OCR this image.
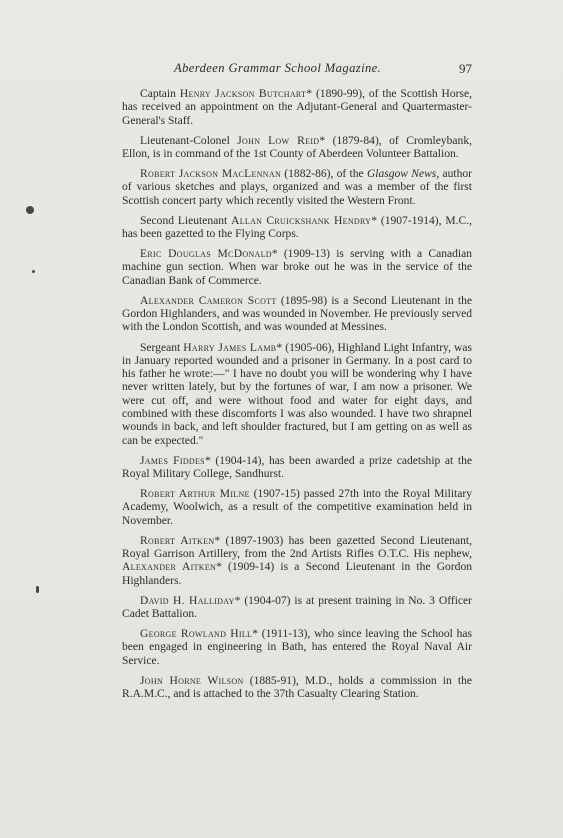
Aberdeen Grammar School Magazine.	97

Captain Henry Jackson Butchart* (1890-99), of the Scottish Horse, has received an appointment on the Adjutant-General and Quartermaster-General's Staff.

Lieutenant-Colonel John Low Reid* (1879-84), of Cromleybank, Ellon, is in command of the 1st County of Aberdeen Volunteer Battalion.

Robert Jackson MacLennan (1882-86), of the Glasgow News, author of various sketches and plays, organized and was a member of the first Scottish concert party which recently visited the Western Front.

Second Lieutenant Allan Cruickshank Hendry* (1907-1914), M.C., has been gazetted to the Flying Corps.

Eric Douglas McDonald* (1909-13) is serving with a Canadian machine gun section. When war broke out he was in the service of the Canadian Bank of Commerce.

Alexander Cameron Scott (1895-98) is a Second Lieutenant in the Gordon Highlanders, and was wounded in November. He previously served with the London Scottish, and was wounded at Messines.

Sergeant Harry James Lamb* (1905-06), Highland Light Infantry, was in January reported wounded and a prisoner in Germany. In a post card to his father he wrote:—" I have no doubt you will be wondering why I have never written lately, but by the fortunes of war, I am now a prisoner. We were cut off, and were without food and water for eight days, and combined with these discomforts I was also wounded. I have two shrapnel wounds in back, and left shoulder fractured, but I am getting on as well as can be expected."

James Fiddes* (1904-14), has been awarded a prize cadetship at the Royal Military College, Sandhurst.

Robert Arthur Milne (1907-15) passed 27th into the Royal Military Academy, Woolwich, as a result of the competitive examination held in November.

Robert Aitken* (1897-1903) has been gazetted Second Lieutenant, Royal Garrison Artillery, from the 2nd Artists Rifles O.T.C. His nephew, Alexander Aitken* (1909-14) is a Second Lieutenant in the Gordon Highlanders.

David H. Halliday* (1904-07) is at present training in No. 3 Officer Cadet Battalion.

George Rowland Hill* (1911-13), who since leaving the School has been engaged in engineering in Bath, has entered the Royal Naval Air Service.

John Horne Wilson (1885-91), M.D., holds a commission in the R.A.M.C., and is attached to the 37th Casualty Clearing Station.
